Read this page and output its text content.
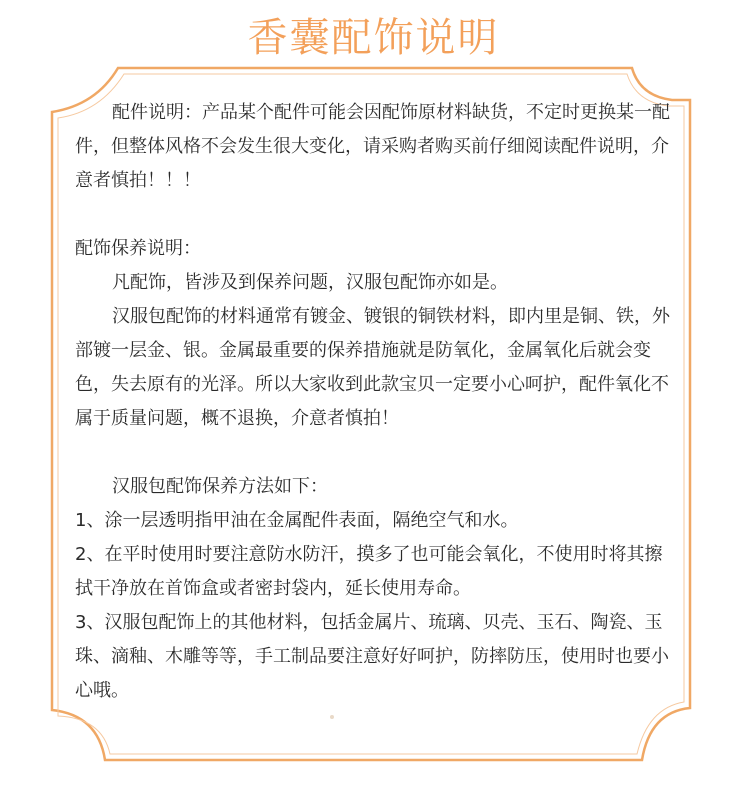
香囊配饰说明

配件说明：产品某个配件可能会因配饰原材料缺货，不定时更换某一配件，但整体风格不会发生很大变化，请采购者购买前仔细阅读配件说明，介意者慎拍！！！

配饰保养说明：

凡配饰，皆涉及到保养问题，汉服包配饰亦如是。

汉服包配饰的材料通常有镀金、镀银的铜铁材料，即内里是铜、铁，外部镀一层金、银。金属最重要的保养措施就是防氧化，金属氧化后就会变色，失去原有的光泽。所以大家收到此款宝贝一定要小心呵护，配件氧化不属于质量问题，概不退换，介意者慎拍！

汉服包配饰保养方法如下：

1、涂一层透明指甲油在金属配件表面，隔绝空气和水。

2、在平时使用时要注意防水防汗，摸多了也可能会氧化，不使用时将其擦拭干净放在首饰盒或者密封袋内，延长使用寿命。

3、汉服包配饰上的其他材料，包括金属片、琉璃、贝壳、玉石、陶瓷、玉珠、滴釉、木雕等等，手工制品要注意好好呵护，防摔防压，使用时也要小心哦。
